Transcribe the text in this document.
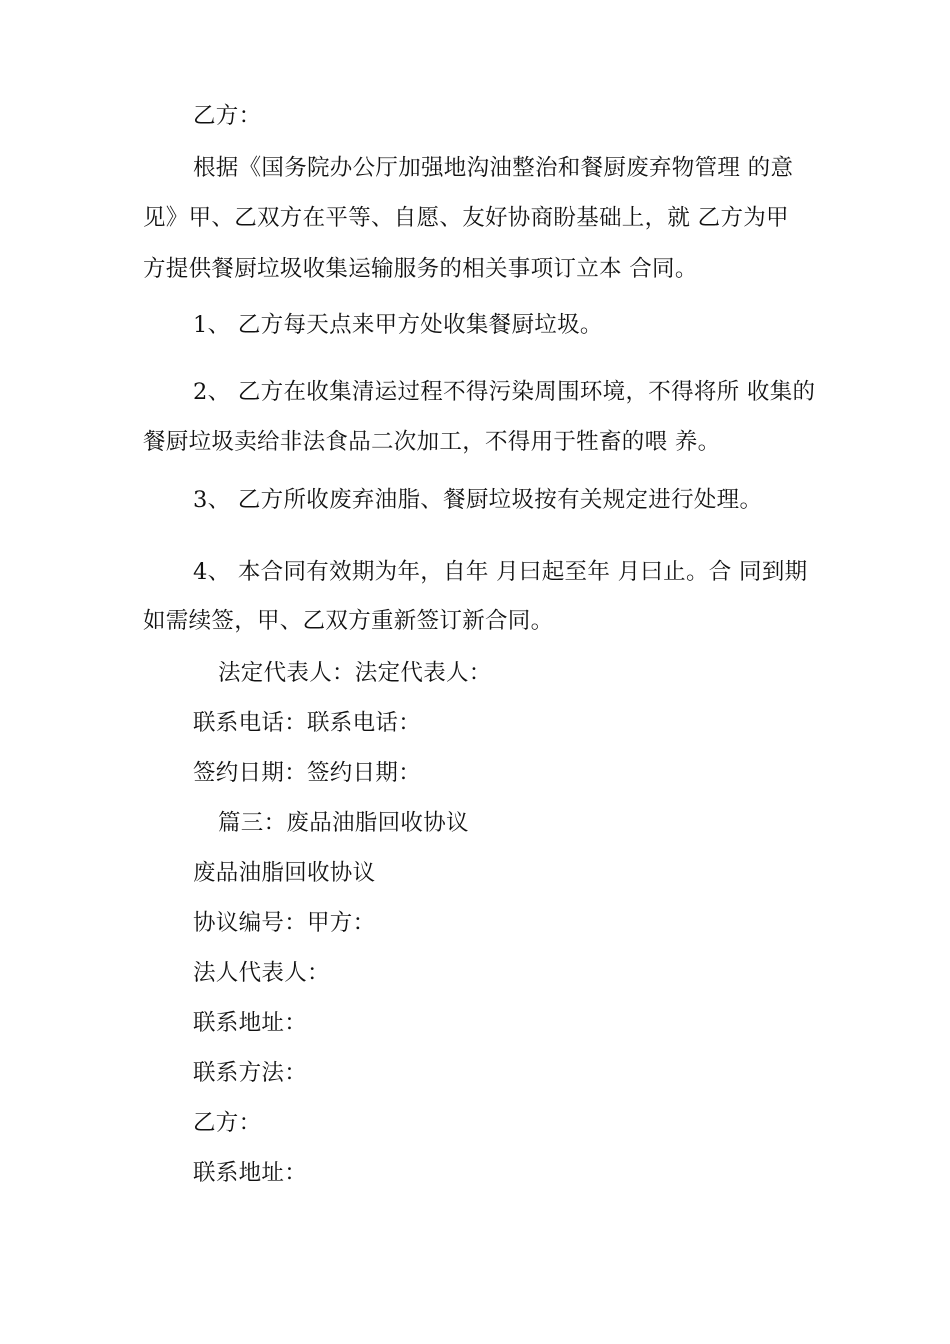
乙方：
根据《国务院办公厅加强地沟油整治和餐厨废弃物管理 的意
见》甲、乙双方在平等、自愿、友好协商盼基础上，就 乙方为甲
方提供餐厨垃圾收集运输服务的相关事项订立本 合同。
1、 乙方每天点来甲方处收集餐厨垃圾。
2、 乙方在收集清运过程不得污染周围环境，不得将所 收集的
餐厨垃圾卖给非法食品二次加工，不得用于牲畜的喂 养。
3、 乙方所收废弃油脂、餐厨垃圾按有关规定进行处理。
4、 本合同有效期为年，自年 月曰起至年 月曰止。合 同到期
如需续签，甲、乙双方重新签订新合同。
法定代表人：法定代表人：
联系电话：联系电话：
签约日期：签约日期：
篇三：废品油脂回收协议
废品油脂回收协议
协议编号：甲方：
法人代表人：
联系地址：
联系方法：
乙方：
联系地址：
